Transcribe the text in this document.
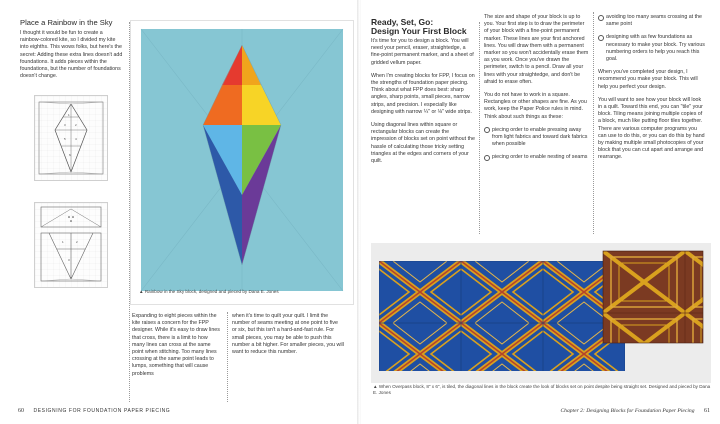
Place a Rainbow in the Sky

I thought it would be fun to create a rainbow-colored kite, so I divided my kite into eighths. This wows folks, but here's the secret: Adding these extra lines doesn't add foundations. It adds pieces within the foundations, but the number of foundations doesn't change.

1
2
3
4
5
6
1	2
3

▲ Rainbow in the Sky block, designed and pieced by Dana E. Jones

Expanding to eight pieces within the kite raises a concern for the FPP designer. While it's easy to draw lines that cross, there is a limit to how many lines can cross at the same point when stitching. Too many lines crossing at the same point leads to lumps, something that will cause problems

when it's time to quilt your quilt. I limit the number of seams meeting at one point to five or six, but this isn't a hard-and-fast rule. For small pieces, you may be able to push this number a bit higher. For smaller pieces, you will want to reduce this number.

60 DESIGNING FOR FOUNDATION PAPER PIECING
Ready, Set, Go:
Design Your First Block

It's time for you to design a block. You will need your pencil, eraser, straightedge, a fine-point permanent marker, and a sheet of gridded vellum paper.

When I'm creating blocks for FPP, I focus on the strengths of foundation paper piecing. Think about what FPP does best: sharp angles, sharp points, small pieces, narrow strips, and precision. I especially like designing with narrow ¼" or ⅛" wide strips.

Using diagonal lines within square or rectangular blocks can create the impression of blocks set on point without the hassle of calculating those tricky setting triangles at the edges and corners of your quilt.

The size and shape of your block is up to you. Your first step is to draw the perimeter of your block with a fine-point permanent marker. These lines are your first anchored lines. You will draw them with a permanent marker so you won't accidentally erase them as you work. Once you've drawn the perimeter, switch to a pencil. Draw all your lines with your straightedge, and don't be afraid to erase often.

You do not have to work in a square. Rectangles or other shapes are fine. As you work, keep the Paper Police rules in mind. Think about such things as these:

piecing order to enable pressing away from light fabrics and toward dark fabrics when possible
piecing order to enable nesting of seams
avoiding too many seams crossing at the same point
designing with as few foundations as necessary to make your block. Try various numbering orders to help you reach this goal.

When you've completed your design, I recommend you make your block. This will help you perfect your design.

You will want to see how your block will look in a quilt. Toward this end, you can "tile" your block. Tiling means joining multiple copies of a block, much like putting floor tiles together. There are various computer programs you can use to do this, or you can do this by hand by making multiple small photocopies of your block that you can cut apart and arrange and rearrange.

▲ When Overpass block, 8" x 6", is tiled, the diagonal lines in the block create the look of blocks set on point despite being straight set. Designed and pieced by Dana E. Jones

Chapter 2: Designing Blocks for Foundation Paper Piecing 61
